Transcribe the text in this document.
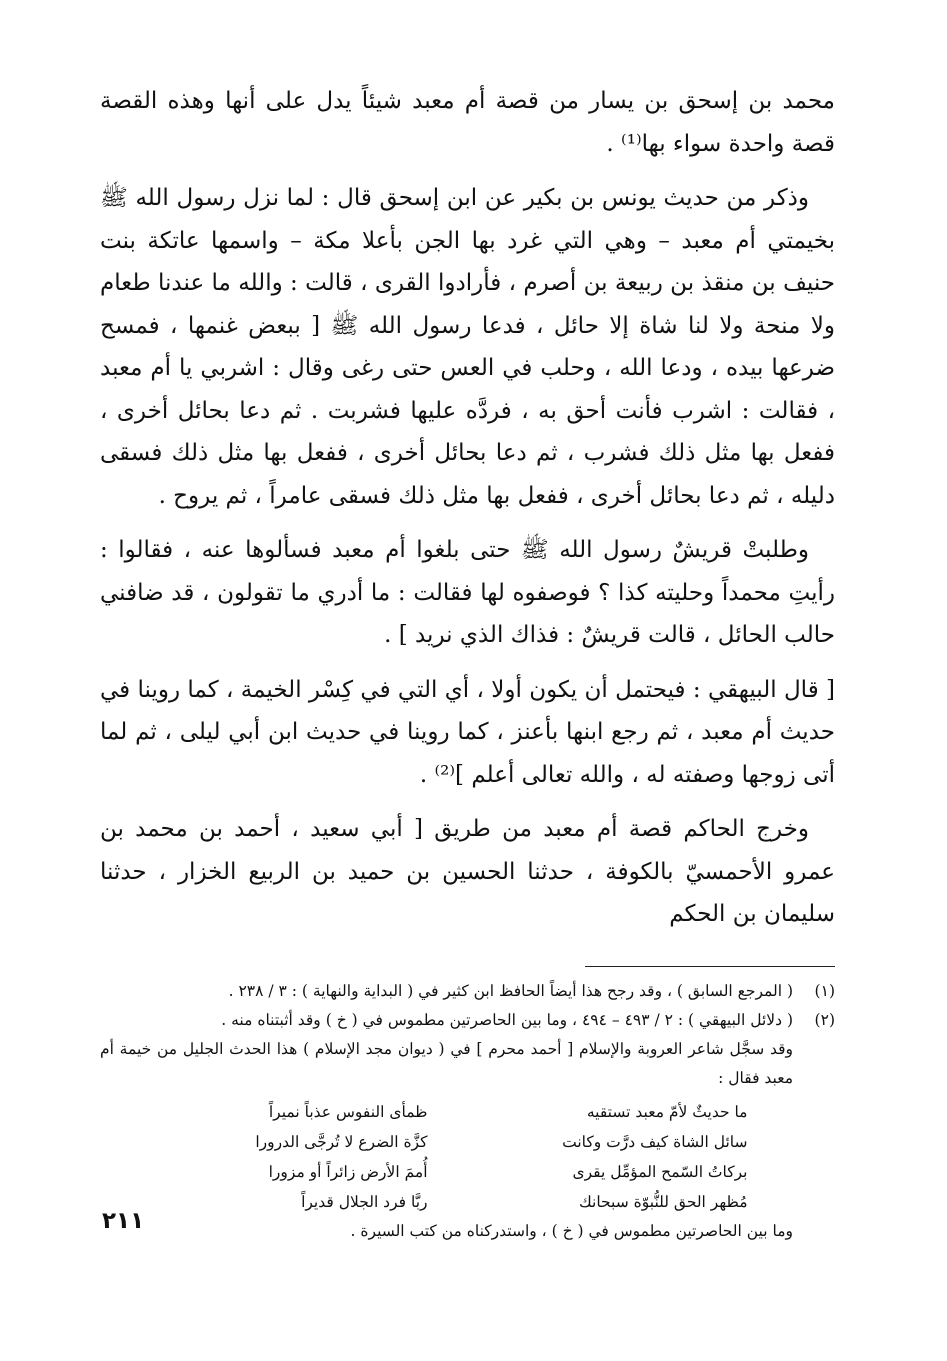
محمد بن إسحق بن يسار من قصة أم معبد شيئاً يدل على أنها وهذه القصة قصة واحدة سواء بها⁽¹⁾ .

وذكر من حديث يونس بن بكير عن ابن إسحق قال : لما نزل رسول الله ﷺ بخيمتي أم معبد – وهي التي غرد بها الجن بأعلا مكة – واسمها عاتكة بنت حنيف بن منقذ بن ربيعة بن أصرم ، فأرادوا القرى ، قالت : والله ما عندنا طعام ولا منحة ولا لنا شاة إلا حائل ، فدعا رسول الله ﷺ [ ببعض غنمها ، فمسح ضرعها بيده ، ودعا الله ، وحلب في العس حتى رغى وقال : اشربي يا أم معبد ، فقالت : اشرب فأنت أحق به ، فردَّه عليها فشربت . ثم دعا بحائل أخرى ، ففعل بها مثل ذلك فشرب ، ثم دعا بحائل أخرى ، ففعل بها مثل ذلك فسقى دليله ، ثم دعا بحائل أخرى ، ففعل بها مثل ذلك فسقى عامراً ، ثم يروح .

وطلبتْ قريشٌ رسول الله ﷺ حتى بلغوا أم معبد فسألوها عنه ، فقالوا : رأيتِ محمداً وحليته كذا ؟ فوصفوه لها فقالت : ما أدري ما تقولون ، قد ضافني حالب الحائل ، قالت قريشٌ : فذاك الذي نريد ] .

[ قال البيهقي : فيحتمل أن يكون أولا ، أي التي في كِسْر الخيمة ، كما روينا في حديث أم معبد ، ثم رجع ابنها بأعنز ، كما روينا في حديث ابن أبي ليلى ، ثم لما أتى زوجها وصفته له ، والله تعالى أعلم ]⁽²⁾ .

وخرج الحاكم قصة أم معبد من طريق [ أبي سعيد ، أحمد بن محمد بن عمرو الأحمسيّ بالكوفة ، حدثنا الحسين بن حميد بن الربيع الخزار ، حدثنا سليمان بن الحكم

(١)
( المرجع السابق ) ، وقد رجح هذا أيضاً الحافظ ابن كثير في ( البداية والنهاية ) : ٣ / ٢٣٨ .
(٢)
( دلائل البيهقي ) : ٢ / ٤٩٣ – ٤٩٤ ، وما بين الحاصرتين مطموس في ( خ ) وقد أثبتناه منه .
وقد سجَّل شاعر العروبة والإسلام [ أحمد محرم ] في ( ديوان مجد الإسلام ) هذا الحدث الجليل من خيمة أم معبد فقال :
ما حديثٌ لأمّ معبد تستقيه
ظمأى النفوس عذباً نميراً
سائل الشاة كيف درَّت وكانت
كزَّة الضرع لا تُرجَّى الدرورا
بركاتُ السّمح المؤمِّل يقرى
أُممَ الأرض زائراً أو مزورا
مُظهر الحق للنُّبوّة سبحانك
ربَّا فرد الجلال قديراً
وما بين الحاصرتين مطموس في ( خ ) ، واستدركناه من كتب السيرة .
٢١١
